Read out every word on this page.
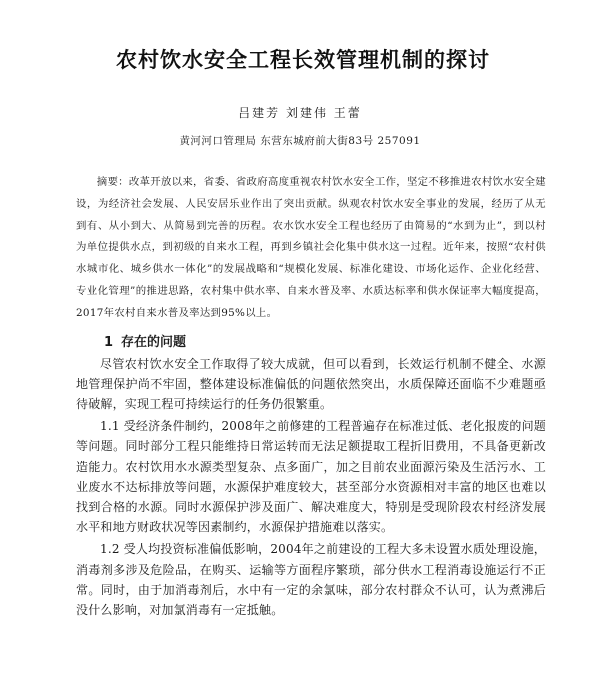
农村饮水安全工程长效管理机制的探讨
吕建芳 刘建伟 王蕾
黄河河口管理局 东营东城府前大街83号 257091

摘要：改革开放以来，省委、省政府高度重视农村饮水安全工作，坚定不移推进农村饮水安全建设，为经济社会发展、人民安居乐业作出了突出贡献。纵观农村饮水安全事业的发展，经历了从无到有、从小到大、从简易到完善的历程。农水饮水安全工程也经历了由简易的“水到为止”，到以村为单位提供水点，到初级的自来水工程，再到乡镇社会化集中供水这一过程。近年来，按照“农村供水城市化、城乡供水一体化”的发展战略和“规模化发展、标准化建设、市场化运作、企业化经营、专业化管理”的推进思路，农村集中供水率、自来水普及率、水质达标率和供水保证率大幅度提高，2017年农村自来水普及率达到95%以上。

1 存在的问题

尽管农村饮水安全工作取得了较大成就，但可以看到，长效运行机制不健全、水源地管理保护尚不牢固，整体建设标准偏低的问题依然突出，水质保障还面临不少难题亟待破解，实现工程可持续运行的任务仍很繁重。

1.1 受经济条件制约，2008年之前修建的工程普遍存在标准过低、老化报废的问题等问题。同时部分工程只能维持日常运转而无法足额提取工程折旧费用，不具备更新改造能力。农村饮用水水源类型复杂、点多面广，加之目前农业面源污染及生活污水、工业废水不达标排放等问题，水源保护难度较大，甚至部分水资源相对丰富的地区也难以找到合格的水源。同时水源保护涉及面广、解决难度大，特别是受现阶段农村经济发展水平和地方财政状况等因素制约，水源保护措施难以落实。

1.2 受人均投资标准偏低影响，2004年之前建设的工程大多未设置水质处理设施，消毒剂多涉及危险品，在购买、运输等方面程序繁琐，部分供水工程消毒设施运行不正常。同时，由于加消毒剂后，水中有一定的余氯味，部分农村群众不认可，认为煮沸后没什么影响，对加氯消毒有一定抵触。
